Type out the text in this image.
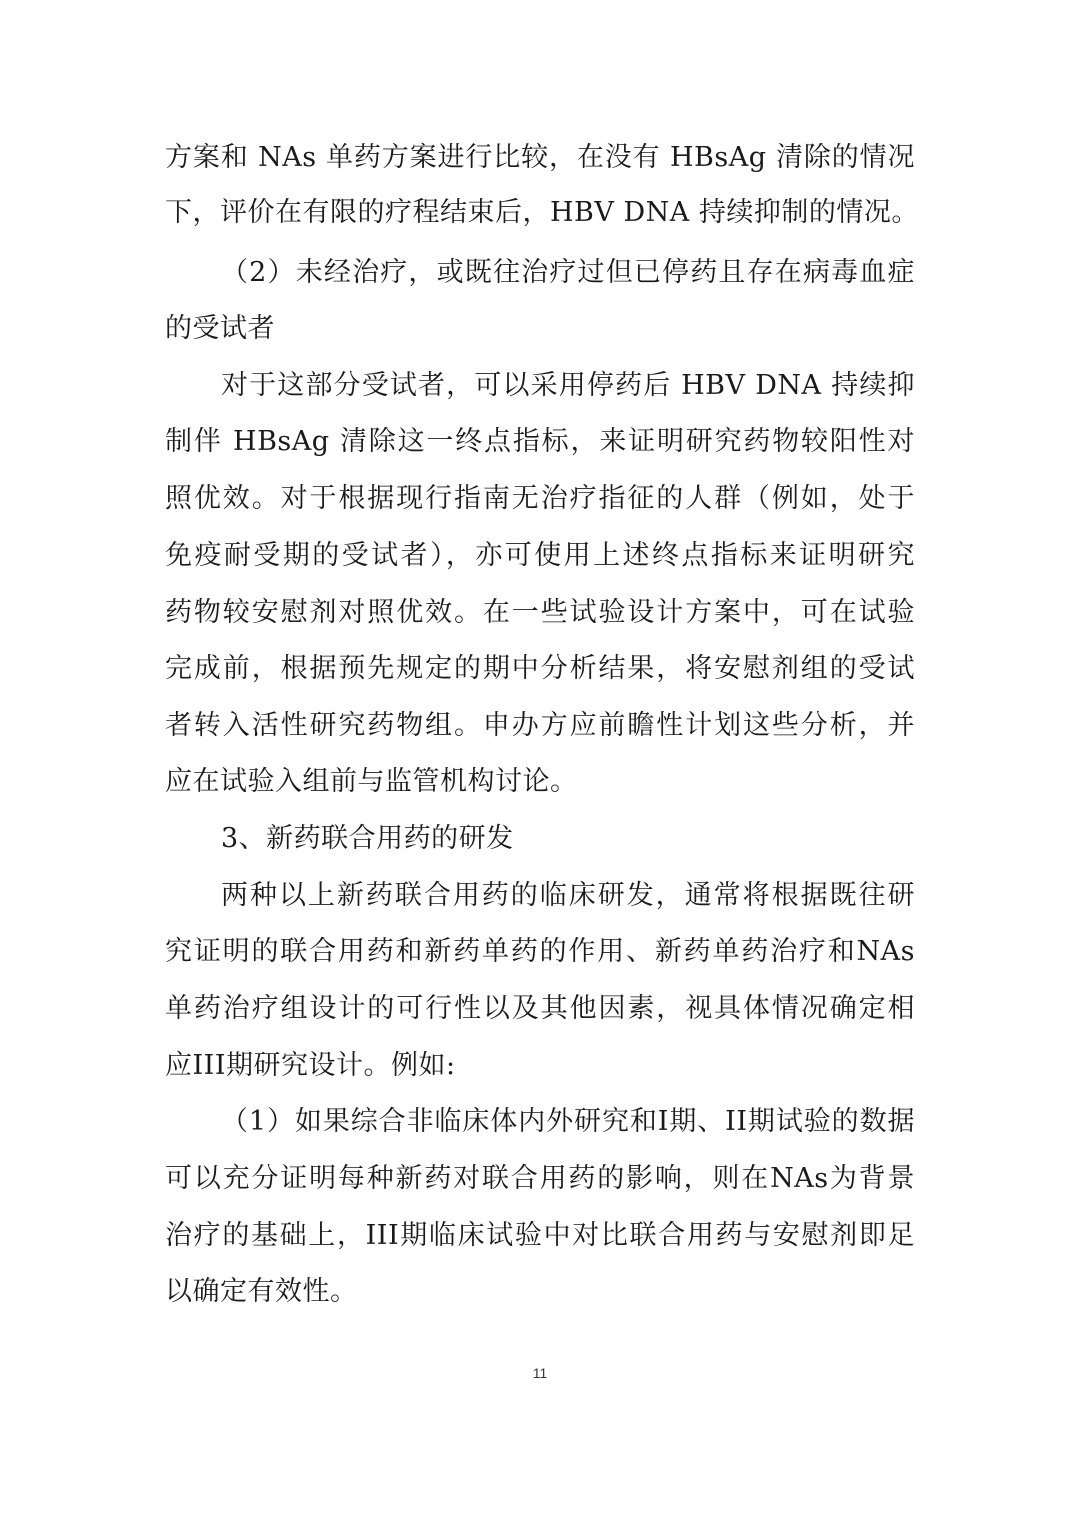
方案和 NAs 单药方案进行比较，在没有 HBsAg 清除的情况
下，评价在有限的疗程结束后，HBV DNA 持续抑制的情况。
（2）未经治疗，或既往治疗过但已停药且存在病毒血症
的受试者
对于这部分受试者，可以采用停药后 HBV DNA 持续抑
制伴 HBsAg 清除这一终点指标，来证明研究药物较阳性对
照优效。对于根据现行指南无治疗指征的人群（例如，处于
免疫耐受期的受试者），亦可使用上述终点指标来证明研究
药物较安慰剂对照优效。在一些试验设计方案中，可在试验
完成前，根据预先规定的期中分析结果，将安慰剂组的受试
者转入活性研究药物组。申办方应前瞻性计划这些分析，并
应在试验入组前与监管机构讨论。
3、新药联合用药的研发
两种以上新药联合用药的临床研发，通常将根据既往研
究证明的联合用药和新药单药的作用、新药单药治疗和NAs
单药治疗组设计的可行性以及其他因素，视具体情况确定相
应III期研究设计。例如:
（1）如果综合非临床体内外研究和I期、II期试验的数据
可以充分证明每种新药对联合用药的影响，则在NAs为背景
治疗的基础上，III期临床试验中对比联合用药与安慰剂即足
以确定有效性。
11
